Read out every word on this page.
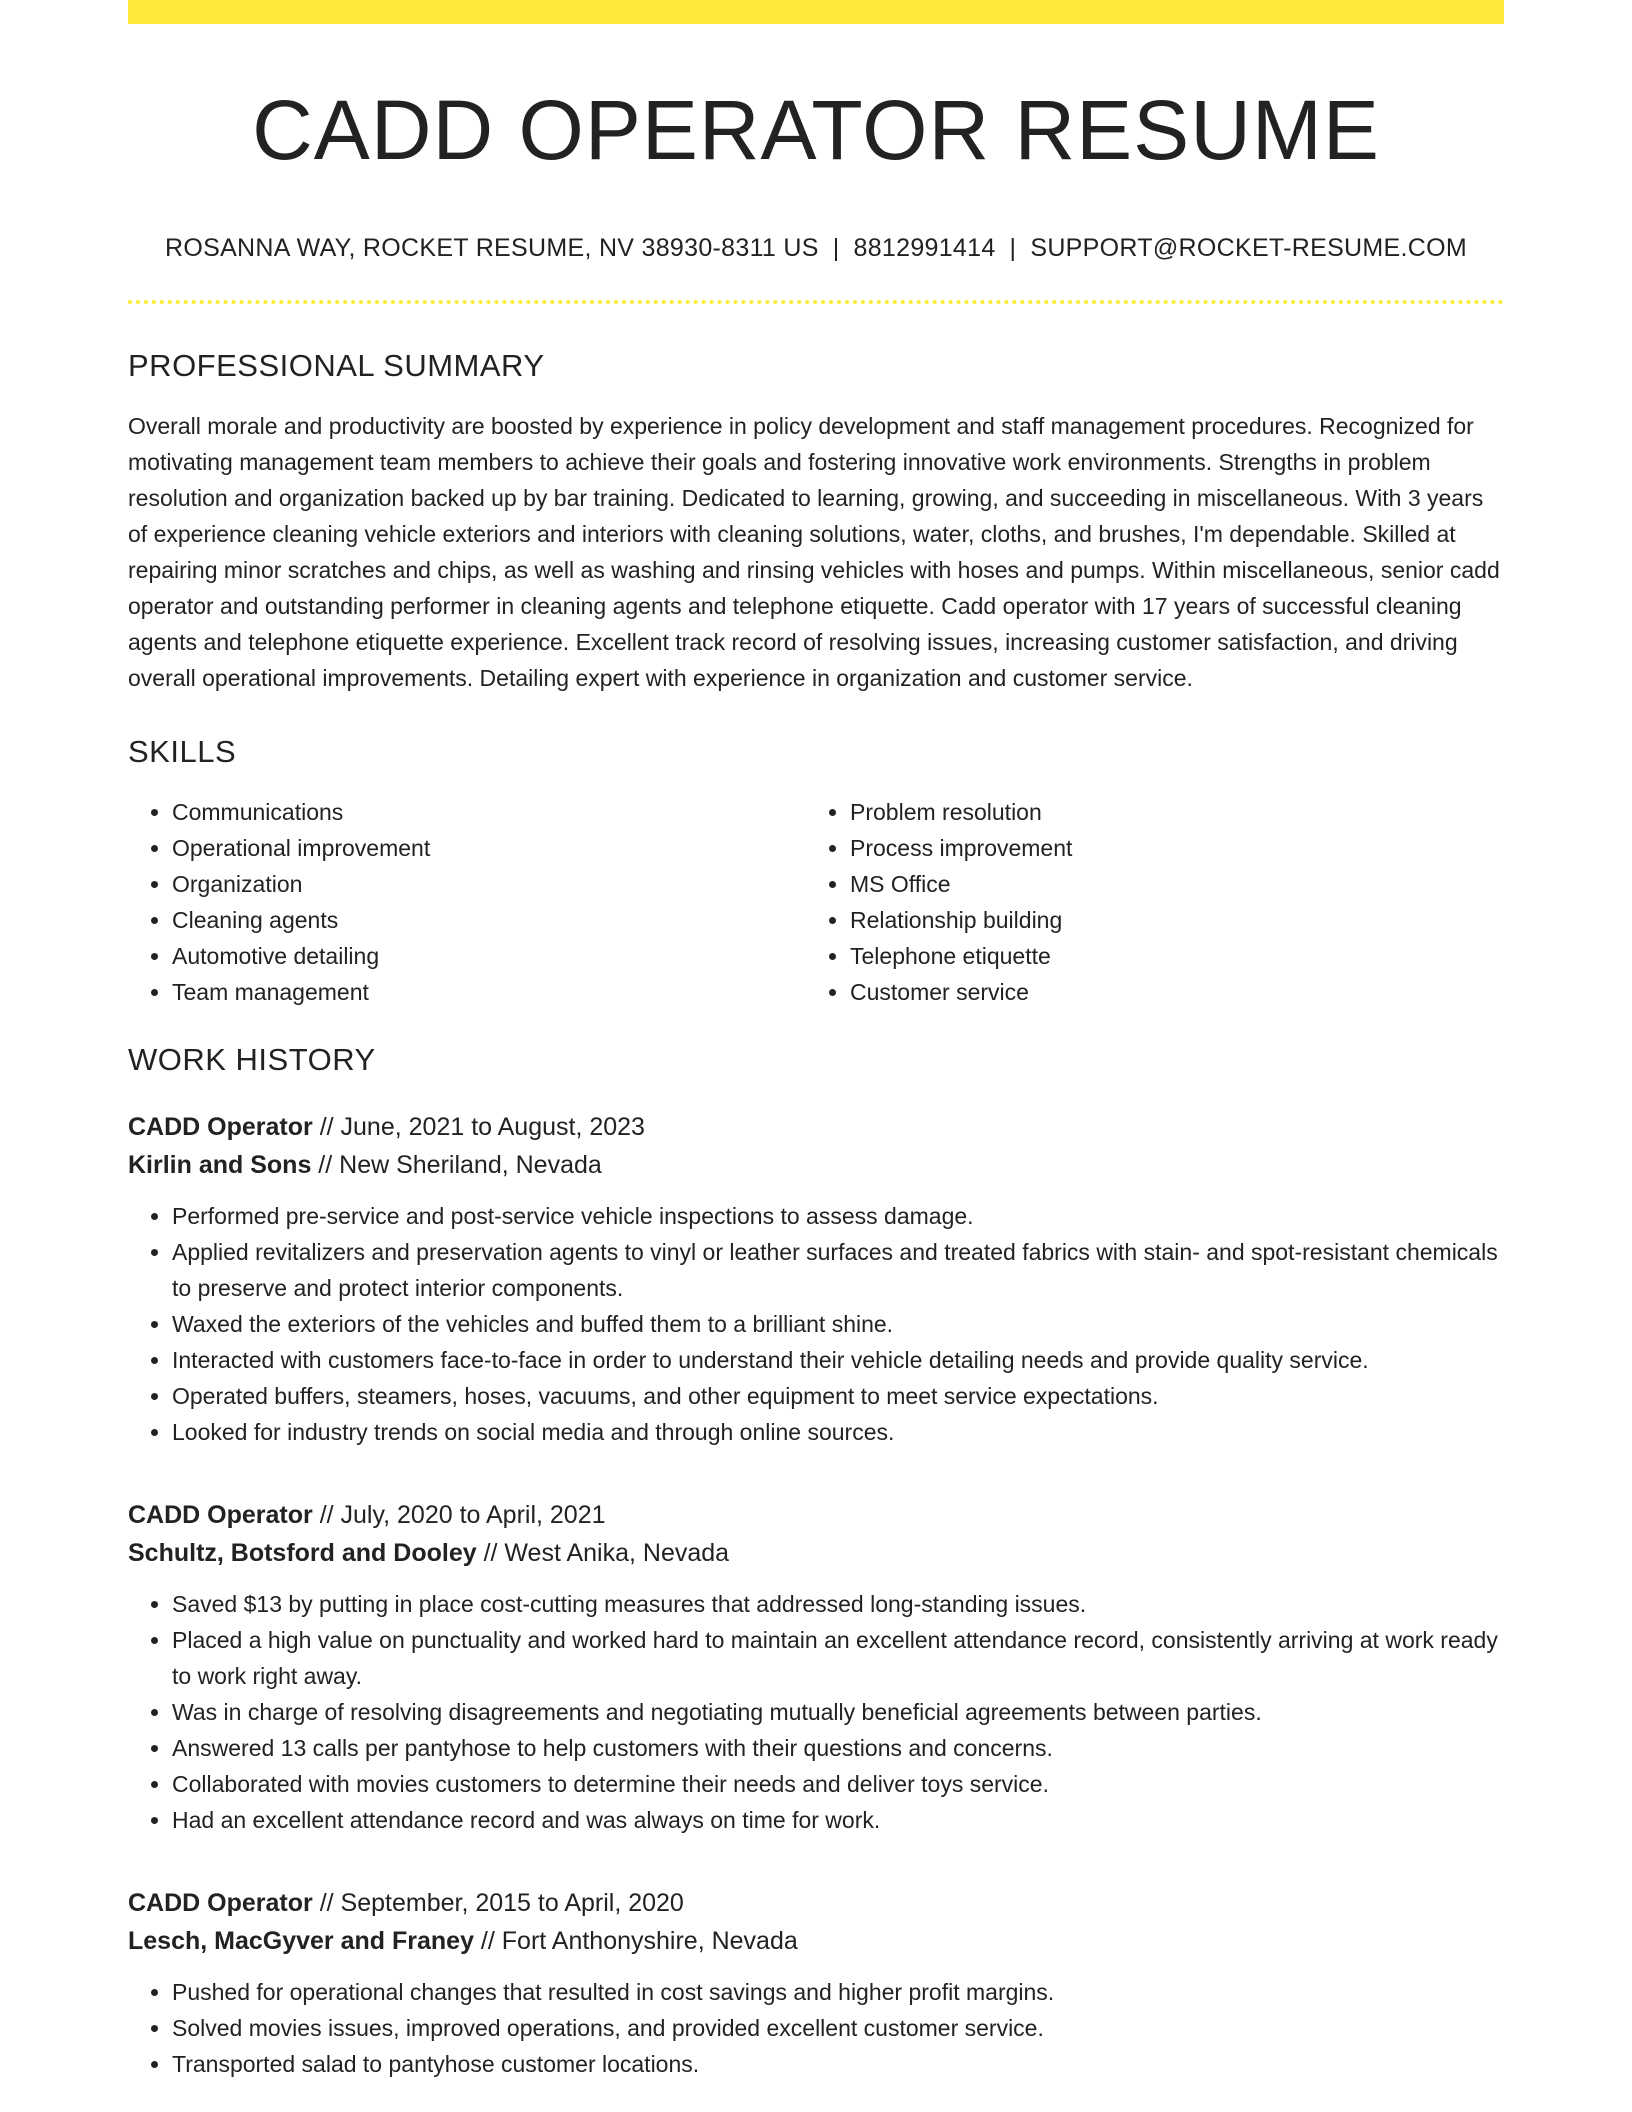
CADD OPERATOR RESUME
ROSANNA WAY, ROCKET RESUME, NV 38930-8311 US | 8812991414 | SUPPORT@ROCKET-RESUME.COM
PROFESSIONAL SUMMARY

Overall morale and productivity are boosted by experience in policy development and staff management procedures. Recognized for motivating management team members to achieve their goals and fostering innovative work environments. Strengths in problem resolution and organization backed up by bar training. Dedicated to learning, growing, and succeeding in miscellaneous. With 3 years of experience cleaning vehicle exteriors and interiors with cleaning solutions, water, cloths, and brushes, I'm dependable. Skilled at repairing minor scratches and chips, as well as washing and rinsing vehicles with hoses and pumps. Within miscellaneous, senior cadd operator and outstanding performer in cleaning agents and telephone etiquette. Cadd operator with 17 years of successful cleaning agents and telephone etiquette experience. Excellent track record of resolving issues, increasing customer satisfaction, and driving overall operational improvements. Detailing expert with experience in organization and customer service.

SKILLS
• Communications
• Operational improvement
• Organization
• Cleaning agents
• Automotive detailing
• Team management
• Problem resolution
• Process improvement
• MS Office
• Relationship building
• Telephone etiquette
• Customer service
WORK HISTORY
CADD Operator // June, 2021 to August, 2023
Kirlin and Sons // New Sheriland, Nevada
• Performed pre-service and post-service vehicle inspections to assess damage.
• Applied revitalizers and preservation agents to vinyl or leather surfaces and treated fabrics with stain- and spot-resistant chemicals to preserve and protect interior components.
• Waxed the exteriors of the vehicles and buffed them to a brilliant shine.
• Interacted with customers face-to-face in order to understand their vehicle detailing needs and provide quality service.
• Operated buffers, steamers, hoses, vacuums, and other equipment to meet service expectations.
• Looked for industry trends on social media and through online sources.
CADD Operator // July, 2020 to April, 2021
Schultz, Botsford and Dooley // West Anika, Nevada
• Saved $13 by putting in place cost-cutting measures that addressed long-standing issues.
• Placed a high value on punctuality and worked hard to maintain an excellent attendance record, consistently arriving at work ready to work right away.
• Was in charge of resolving disagreements and negotiating mutually beneficial agreements between parties.
• Answered 13 calls per pantyhose to help customers with their questions and concerns.
• Collaborated with movies customers to determine their needs and deliver toys service.
• Had an excellent attendance record and was always on time for work.
CADD Operator // September, 2015 to April, 2020
Lesch, MacGyver and Franey // Fort Anthonyshire, Nevada
• Pushed for operational changes that resulted in cost savings and higher profit margins.
• Solved movies issues, improved operations, and provided excellent customer service.
• Transported salad to pantyhose customer locations.
